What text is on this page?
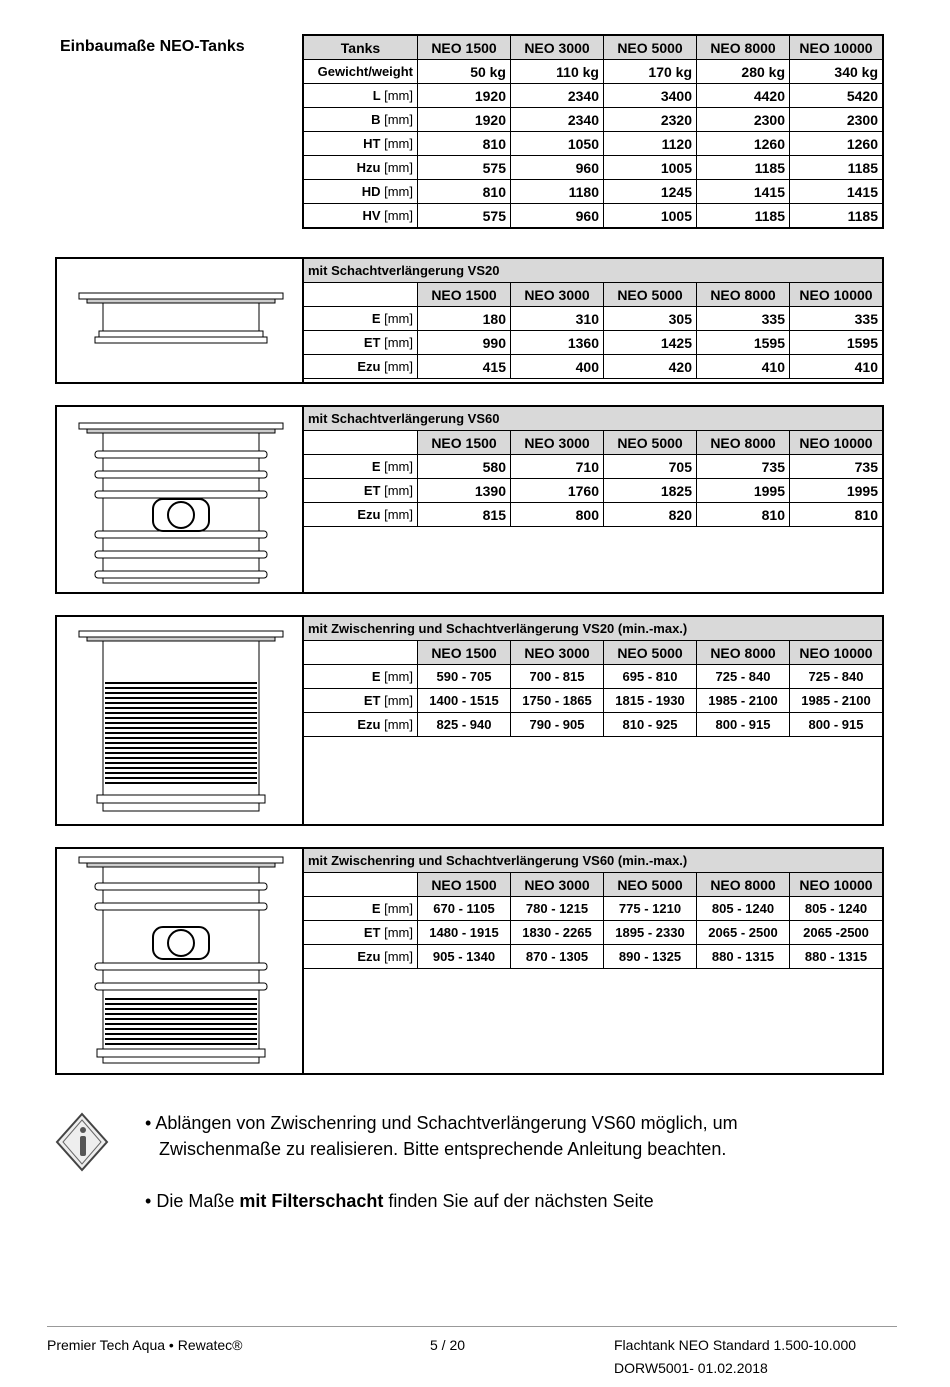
Einbaumaße NEO-Tanks	Tanks	NEO 1500	NEO 3000	NEO 5000	NEO 8000	NEO 10000
Gewicht/weight	50 kg	110 kg	170 kg	280 kg	340 kg
L [mm]	1920	2340	3400	4420	5420
B [mm]	1920	2340	2320	2300	2300
HT [mm]	810	1050	1120	1260	1260
Hzu [mm]	575	960	1005	1185	1185
HD [mm]	810	1180	1245	1415	1415
HV [mm]	575	960	1005	1185	1185
mit Schachtverlängerung VS20					
	NEO 1500	NEO 3000	NEO 5000	NEO 8000	NEO 10000
E [mm]	180	310	305	335	335
ET [mm]	990	1360	1425	1595	1595
Ezu [mm]	415	400	420	410	410
mit Schachtverlängerung VS60					
	NEO 1500	NEO 3000	NEO 5000	NEO 8000	NEO 10000
E [mm]	580	710	705	735	735
ET [mm]	1390	1760	1825	1995	1995
Ezu [mm]	815	800	820	810	810

mit Zwischenring und Schachtverlängerung VS20 (min.-max.)					
	NEO 1500	NEO 3000	NEO 5000	NEO 8000	NEO 10000
E [mm]	590 - 705	700 - 815	695 - 810	725 - 840	725 - 840
ET [mm]	1400 - 1515	1750 - 1865	1815 - 1930	1985 - 2100	1985 - 2100
Ezu [mm]	825 - 940	790 - 905	810 - 925	800 - 915	800 - 915

mit Zwischenring und Schachtverlängerung VS60 (min.-max.)					
	NEO 1500	NEO 3000	NEO 5000	NEO 8000	NEO 10000
E [mm]	670 - 1105	780 - 1215	775 - 1210	805 - 1240	805 - 1240
ET [mm]	1480 - 1915	1830 - 2265	1895 - 2330	2065 - 2500	2065 -2500
Ezu [mm]	905 - 1340	870 - 1305	890 - 1325	880 - 1315	880 - 1315

• Ablängen von Zwischenring und Schachtverlängerung VS60 möglich, um
Zwischenmaße zu realisieren. Bitte entsprechende Anleitung beachten.
• Die Maße mit Filterschacht finden Sie auf der nächsten Seite
Premier Tech Aqua • Rewatec®	5 / 20	Flachtank NEO Standard 1.500-10.000
DORW5001- 01.02.2018
